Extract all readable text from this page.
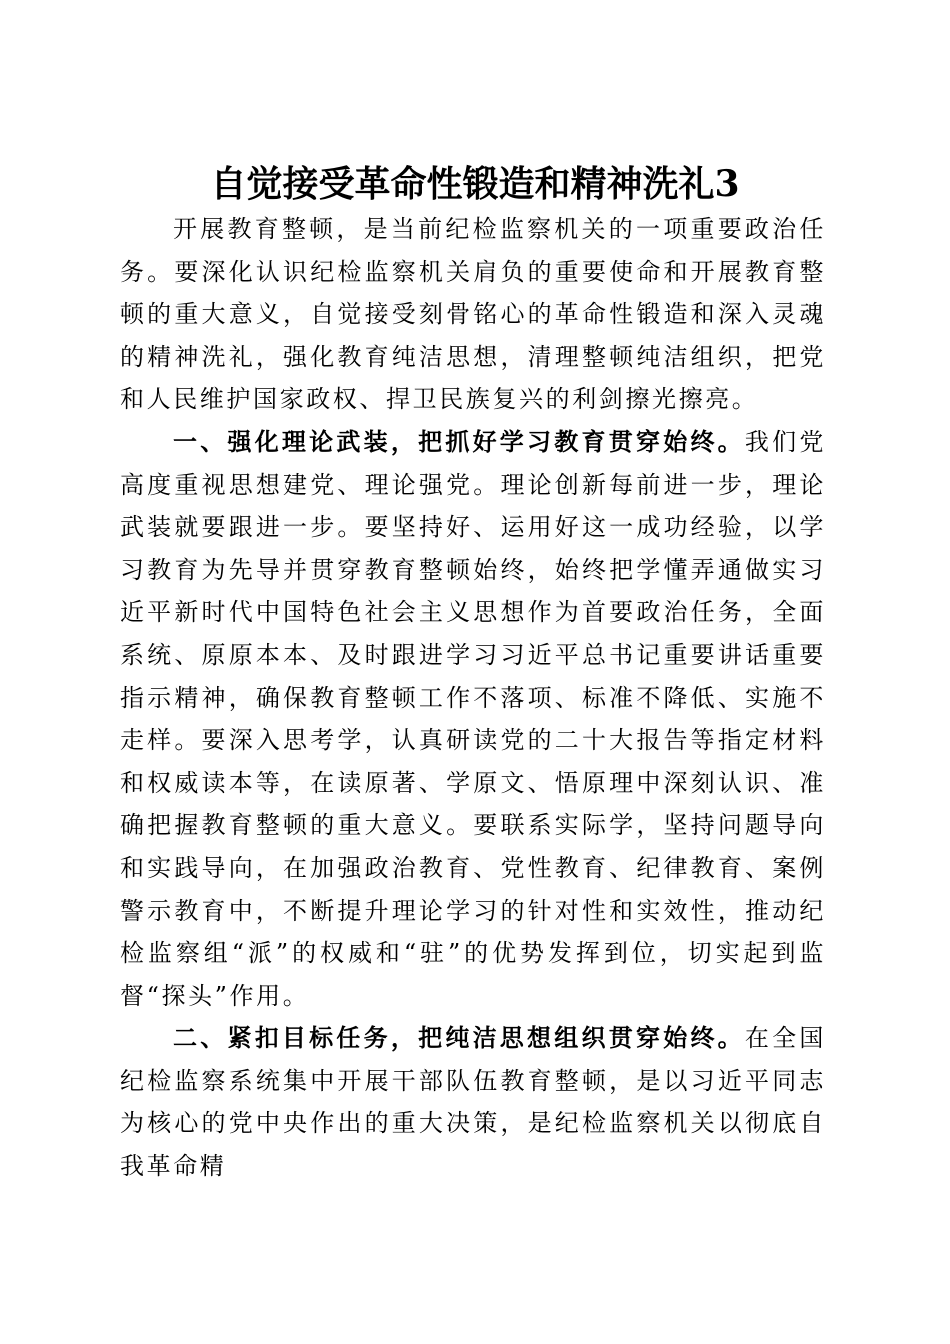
自觉接受革命性锻造和精神洗礼3

开展教育整顿，是当前纪检监察机关的一项重要政治任务。要深化认识纪检监察机关肩负的重要使命和开展教育整顿的重大意义，自觉接受刻骨铭心的革命性锻造和深入灵魂的精神洗礼，强化教育纯洁思想，清理整顿纯洁组织，把党和人民维护国家政权、捍卫民族复兴的利剑擦光擦亮。

一、强化理论武装，把抓好学习教育贯穿始终。我们党高度重视思想建党、理论强党。理论创新每前进一步，理论武装就要跟进一步。要坚持好、运用好这一成功经验，以学习教育为先导并贯穿教育整顿始终，始终把学懂弄通做实习近平新时代中国特色社会主义思想作为首要政治任务，全面系统、原原本本、及时跟进学习习近平总书记重要讲话重要指示精神，确保教育整顿工作不落项、标准不降低、实施不走样。要深入思考学，认真研读党的二十大报告等指定材料和权威读本等，在读原著、学原文、悟原理中深刻认识、准确把握教育整顿的重大意义。要联系实际学，坚持问题导向和实践导向，在加强政治教育、党性教育、纪律教育、案例警示教育中，不断提升理论学习的针对性和实效性，推动纪检监察组“派”的权威和“驻”的优势发挥到位，切实起到监督“探头”作用。

二、紧扣目标任务，把纯洁思想组织贯穿始终。在全国纪检监察系统集中开展干部队伍教育整顿，是以习近平同志为核心的党中央作出的重大决策，是纪检监察机关以彻底自我革命精
